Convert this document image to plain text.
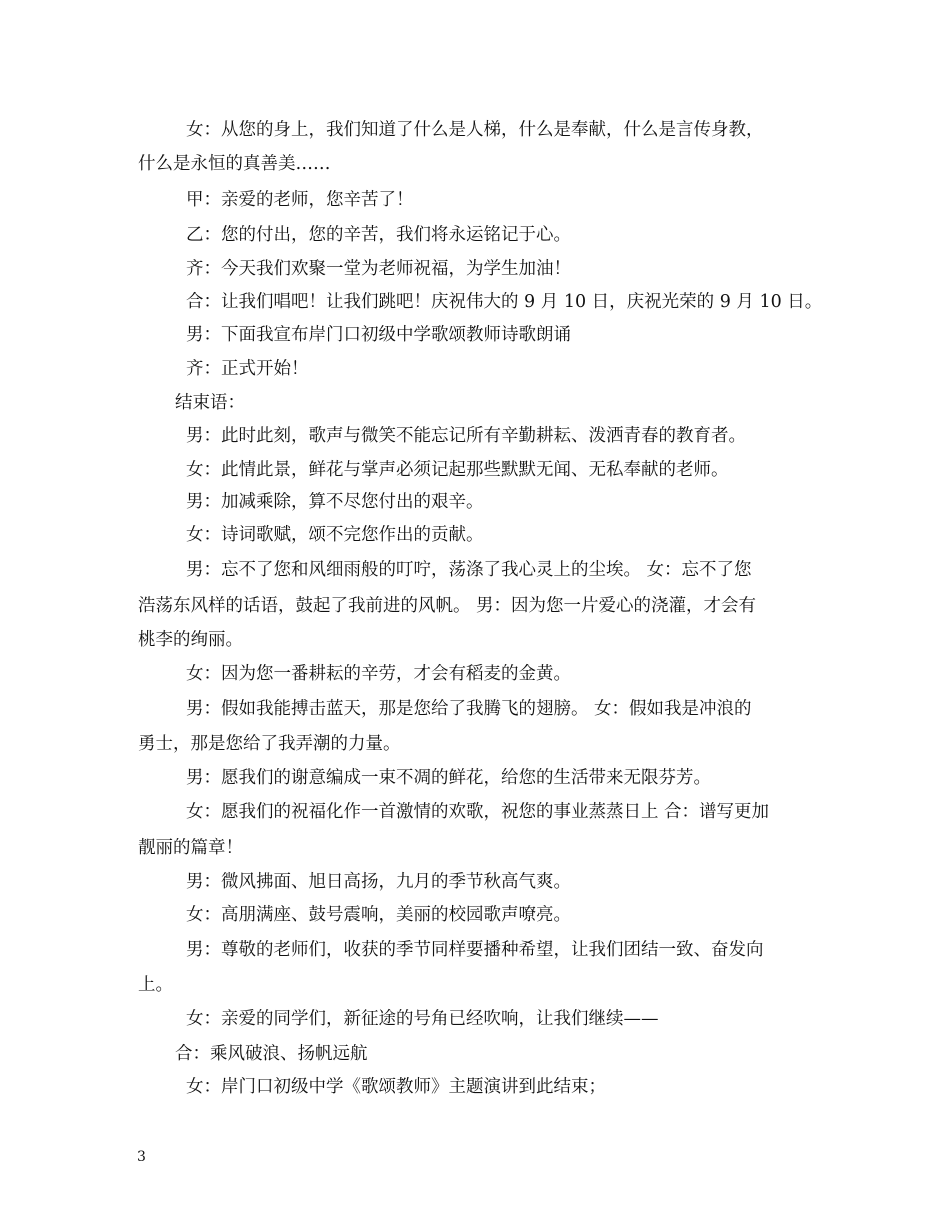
女：从您的身上，我们知道了什么是人梯，什么是奉献，什么是言传身教，
什么是永恒的真善美……
甲：亲爱的老师，您辛苦了！
乙：您的付出，您的辛苦，我们将永运铭记于心。
齐：今天我们欢聚一堂为老师祝福，为学生加油！
合：让我们唱吧！让我们跳吧！庆祝伟大的 9 月 10 日，庆祝光荣的 9 月 10 日。
男：下面我宣布岸门口初级中学歌颂教师诗歌朗诵
齐：正式开始！
结束语：
男：此时此刻，歌声与微笑不能忘记所有辛勤耕耘、泼洒青春的教育者。
女：此情此景，鲜花与掌声必须记起那些默默无闻、无私奉献的老师。
男：加减乘除，算不尽您付出的艰辛。
女：诗词歌赋，颂不完您作出的贡献。
男：忘不了您和风细雨般的叮咛，荡涤了我心灵上的尘埃。 女：忘不了您
浩荡东风样的话语，鼓起了我前进的风帆。 男：因为您一片爱心的浇灌，才会有
桃李的绚丽。
女：因为您一番耕耘的辛劳，才会有稻麦的金黄。
男：假如我能搏击蓝天，那是您给了我腾飞的翅膀。 女：假如我是冲浪的
勇士，那是您给了我弄潮的力量。
男：愿我们的谢意编成一束不凋的鲜花，给您的生活带来无限芬芳。
女：愿我们的祝福化作一首激情的欢歌，祝您的事业蒸蒸日上 合：谱写更加
靓丽的篇章！
男：微风拂面、旭日高扬，九月的季节秋高气爽。
女：高朋满座、鼓号震响，美丽的校园歌声嘹亮。
男：尊敬的老师们，收获的季节同样要播种希望，让我们团结一致、奋发向
上。
女：亲爱的同学们，新征途的号角已经吹响，让我们继续——
合：乘风破浪、扬帆远航
女：岸门口初级中学《歌颂教师》主题演讲到此结束；
3
